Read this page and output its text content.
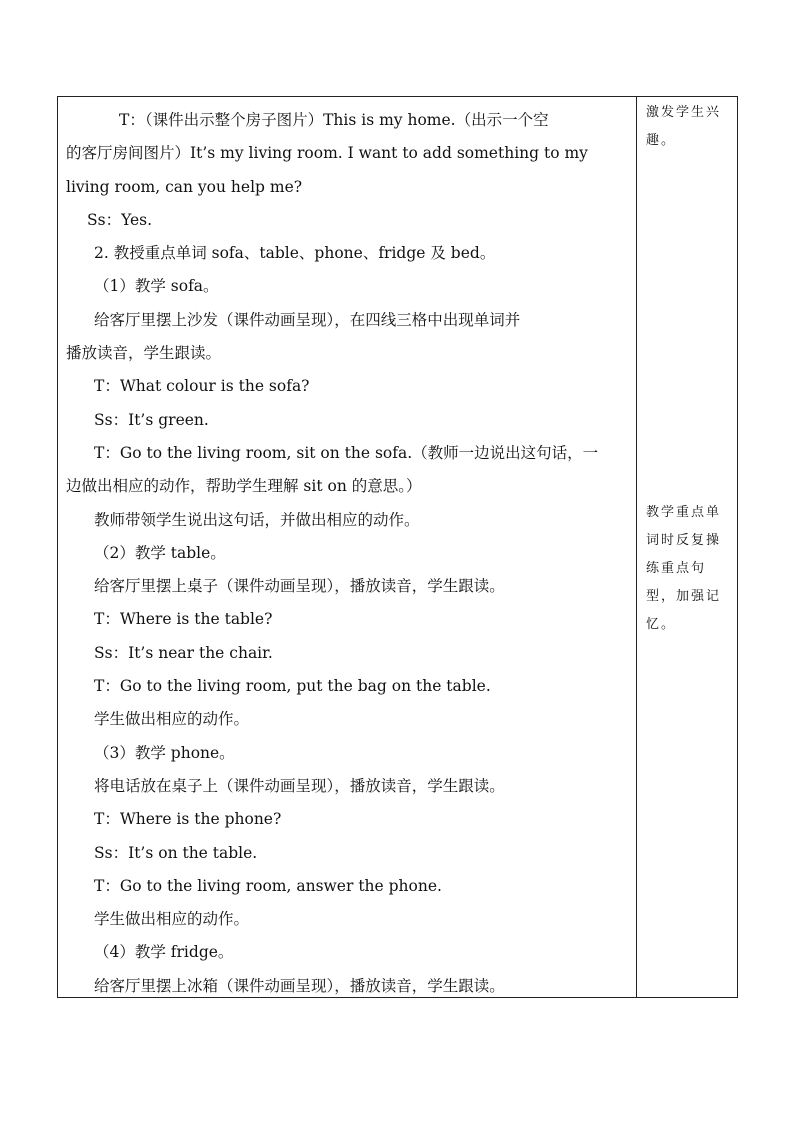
T：（课件出示整个房子图片）This is my home.（出示一个空

的客厅房间图片）It’s my living room. I want to add something to my

living room, can you help me?

Ss：Yes.

2. 教授重点单词 sofa、table、phone、fridge 及 bed。

（1）教学 sofa。

给客厅里摆上沙发（课件动画呈现），在四线三格中出现单词并

播放读音，学生跟读。

T：What colour is the sofa?

Ss：It’s green.

T：Go to the living room, sit on the sofa.（教师一边说出这句话，一

边做出相应的动作，帮助学生理解 sit on 的意思。）

教师带领学生说出这句话，并做出相应的动作。

（2）教学 table。

给客厅里摆上桌子（课件动画呈现），播放读音，学生跟读。

T：Where is the table?

Ss：It’s near the chair.

T：Go to the living room, put the bag on the table.

学生做出相应的动作。

（3）教学 phone。

将电话放在桌子上（课件动画呈现），播放读音，学生跟读。

T：Where is the phone?

Ss：It’s on the table.

T：Go to the living room, answer the phone.

学生做出相应的动作。

（4）教学 fridge。

给客厅里摆上冰箱（课件动画呈现），播放读音，学生跟读。

激发学生兴趣。
教学重点单词时反复操练重点句型，加强记忆。
